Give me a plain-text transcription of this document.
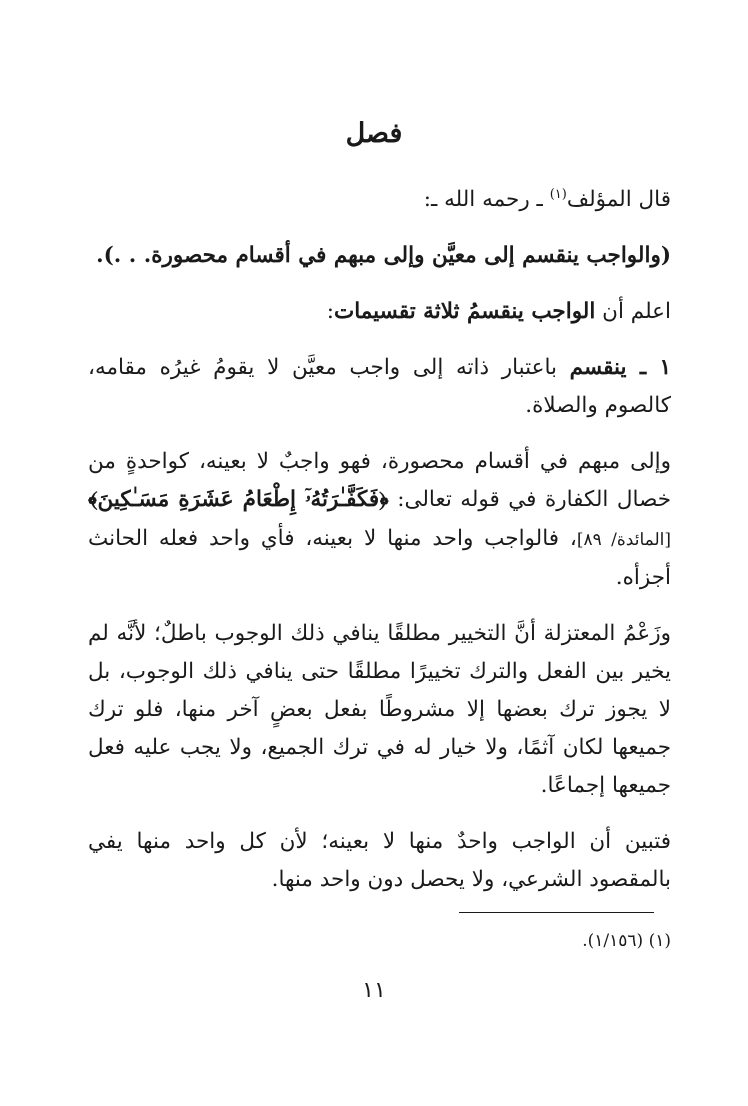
فصل

قال المؤلف$^{(١)}$ ـ رحمه الله ـ:

(والواجب ينقسم إلى معيَّن وإلى مبهم في أقسام محصورة. . .).

اعلم أن الواجب ينقسمُ ثلاثة تقسيمات:

١ ـ ينقسم باعتبار ذاته إلى واجب معيَّن لا يقومُ غيرُه مقامه، كالصوم والصلاة.

وإلى مبهم في أقسام محصورة، فهو واجبٌ لا بعينه، كواحدةٍ من خصال الكفارة في قوله تعالى: ﴿فَكَفَّـٰرَتُهُۥٓ إِطْعَامُ عَشَرَةِ مَسَـٰكِينَ﴾ [المائدة/ ٨٩]، فالواجب واحد منها لا بعينه، فأي واحد فعله الحانث أجزأه.

وزَعْمُ المعتزلة أنَّ التخيير مطلقًا ينافي ذلك الوجوب باطلٌ؛ لأنَّه لم يخير بين الفعل والترك تخييرًا مطلقًا حتى ينافي ذلك الوجوب، بل لا يجوز ترك بعضها إلا مشروطًا بفعل بعضٍ آخر منها، فلو ترك جميعها لكان آثمًا، ولا خيار له في ترك الجميع، ولا يجب عليه فعل جميعها إجماعًا.

فتبين أن الواجب واحدٌ منها لا بعينه؛ لأن كل واحد منها يفي بالمقصود الشرعي، ولا يحصل دون واحد منها.

(١) (١/١٥٦).
١١
